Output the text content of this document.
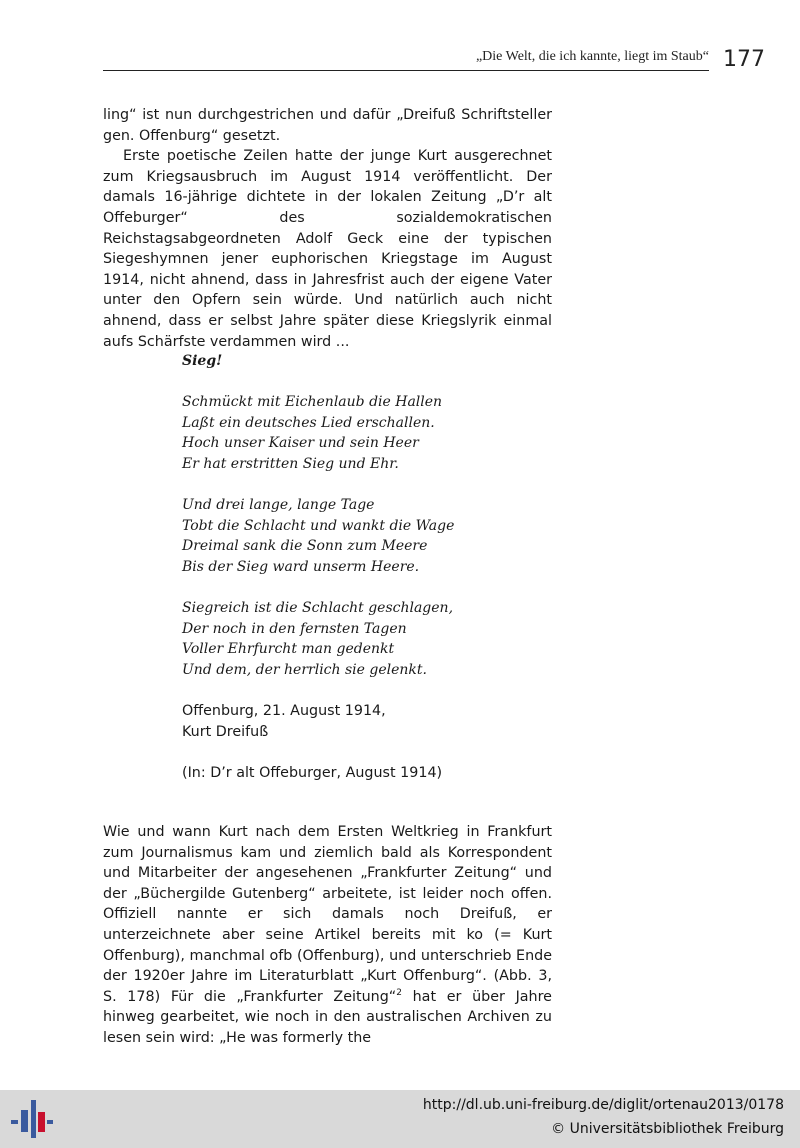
„Die Welt, die ich kannte, liegt im Staub“ 177

ling“ ist nun durchgestrichen und dafür „Dreifuß Schriftsteller gen. Offenburg“ gesetzt.

Erste poetische Zeilen hatte der junge Kurt ausgerechnet zum Kriegsausbruch im August 1914 veröffentlicht. Der damals 16-jährige dichtete in der lokalen Zeitung „D’r alt Offeburger“ des sozialdemokratischen Reichstagsabgeordneten Adolf Geck eine der typischen Siegeshymnen jener euphorischen Kriegstage im August 1914, nicht ahnend, dass in Jahresfrist auch der eigene Vater unter den Opfern sein würde. Und natürlich auch nicht ahnend, dass er selbst Jahre später diese Kriegslyrik einmal aufs Schärfste verdammen wird ...

Sieg!

Schmückt mit Eichenlaub die Hallen
Laßt ein deutsches Lied erschallen.
Hoch unser Kaiser und sein Heer
Er hat erstritten Sieg und Ehr.
Und drei lange, lange Tage
Tobt die Schlacht und wankt die Wage
Dreimal sank die Sonn zum Meere
Bis der Sieg ward unserm Heere.
Siegreich ist die Schlacht geschlagen,
Der noch in den fernsten Tagen
Voller Ehrfurcht man gedenkt
Und dem, der herrlich sie gelenkt.
Offenburg, 21. August 1914,
Kurt Dreifuß
(In: D’r alt Offeburger, August 1914)

Wie und wann Kurt nach dem Ersten Weltkrieg in Frankfurt zum Journalismus kam und ziemlich bald als Korrespondent und Mitarbeiter der angesehenen „Frankfurter Zeitung“ und der „Büchergilde Gutenberg“ arbeitete, ist leider noch offen. Offiziell nannte er sich damals noch Dreifuß, er unterzeichnete aber seine Artikel bereits mit ko (= Kurt Offenburg), manchmal ofb (Offenburg), und unterschrieb Ende der 1920er Jahre im Literaturblatt „Kurt Offenburg“. (Abb. 3, S. 178) Für die „Frankfurter Zeitung“$^2$ hat er über Jahre hinweg gearbeitet, wie noch in den australischen Archiven zu lesen sein wird: „He was formerly the

http://dl.ub.uni-freiburg.de/diglit/ortenau2013/0178
© Universitätsbibliothek Freiburg
